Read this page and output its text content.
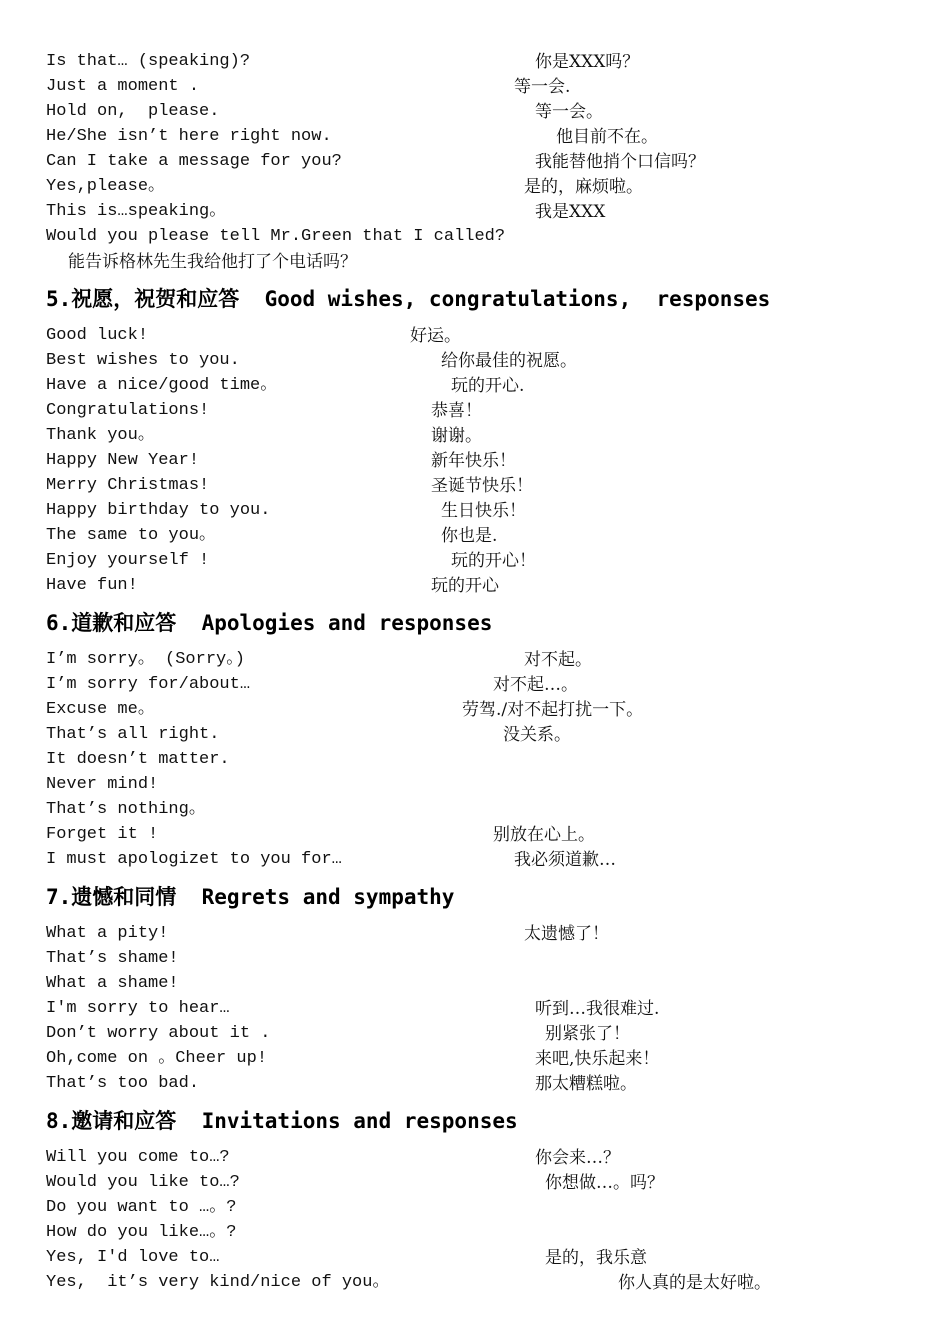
Is that… (speaking)?	你是XXX吗？
Just a moment .	等一会.
Hold on,  please.	等一会。
He/She isn’t here right now.	他目前不在。
Can I take a message for you?	我能替他捎个口信吗？
Yes,please。	是的，麻烦啦。
This is…speaking。	我是XXX
Would you please tell Mr.Green that I called?
能告诉格林先生我给他打了个电话吗？
5.祝愿，祝贺和应答  Good wishes, congratulations,  responses
Good luck!	好运。
Best wishes to you.	给你最佳的祝愿。
Have a nice/good time。	玩的开心.
Congratulations!	恭喜！
Thank you。	谢谢。
Happy New Year!	新年快乐！
Merry Christmas!	圣诞节快乐！
Happy birthday to you.	生日快乐！
The same to you。	你也是.
Enjoy yourself !	玩的开心！
Have fun!	玩的开心
6.道歉和应答  Apologies and responses
I’m sorry。 (Sorry。)	对不起。
I’m sorry for/about…	对不起…。
Excuse me。	劳驾./对不起打扰一下。
That’s all right.	没关系。
It doesn’t matter.
Never mind!
That’s nothing。
Forget it !	别放在心上。
I must apologizet to you for…	我必须道歉…
7.遗憾和同情  Regrets and sympathy
What a pity!	太遗憾了！
That’s shame!
What a shame!
I'm sorry to hear…	听到…我很难过.
Don’t worry about it .	别紧张了！
Oh,come on 。Cheer up!	来吧,快乐起来！
That’s too bad.	那太糟糕啦。
8.邀请和应答  Invitations and responses
Will you come to…?	你会来…？
Would you like to…?	你想做…。吗？
Do you want to …。?
How do you like…。?
Yes, I'd love to…	是的，我乐意
Yes,  it’s very kind/nice of you。	你人真的是太好啦。
